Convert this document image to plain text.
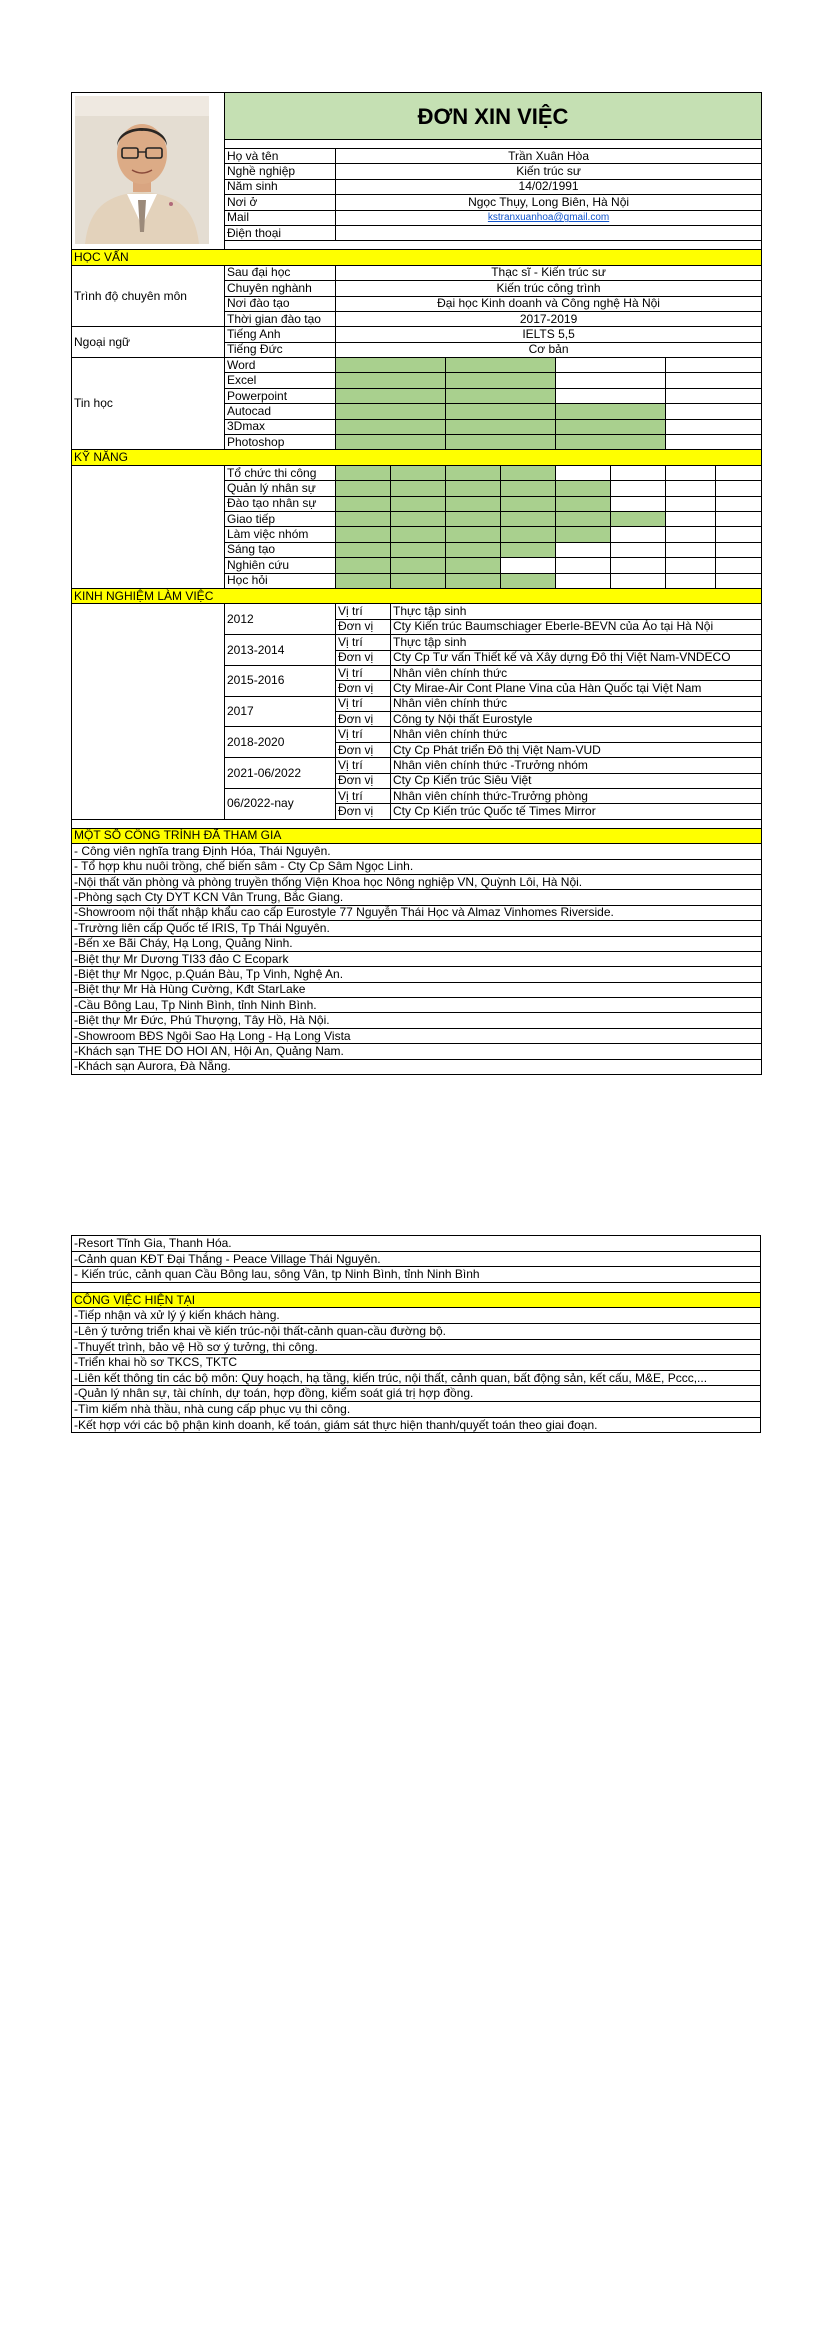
	ĐƠN XIN VIỆC								

	Họ và tên	Trần Xuân Hòa							
	Nghề nghiệp	Kiến trúc sư							
	Năm sinh	14/02/1991							
	Nơi ở	Ngọc Thụy, Long Biên, Hà Nội							
	Mail	kstranxuanhoa@gmail.com							
	Điện thoại								

HỌC VẤN									
Trình độ chuyên môn	Sau đại học	Thạc sĩ - Kiến trúc sư							
	Chuyên nghành	Kiến trúc công trình							
	Nơi đào tạo	Đại học Kinh doanh và Công nghệ Hà Nội							
	Thời gian đào tạo	2017-2019							
Ngoại ngữ	Tiếng Anh	IELTS 5,5							
	Tiếng Đức	Cơ bản							
Tin học	Word								
	Excel								
	Powerpoint								
	Autocad								
	3Dmax								
	Photoshop								
KỸ NĂNG									
	Tổ chức thi công								
	Quản lý nhân sự								
	Đào tạo nhân sự								
	Giao tiếp								
	Làm việc nhóm								
	Sáng tạo								
	Nghiên cứu								
	Học hỏi								
KINH NGHIỆM LÀM VIỆC									
	2012	Vị trí	Thực tập sinh						
		Đơn vị	Cty Kiến trúc Baumschiager Eberle-BEVN của Áo tại Hà Nội						
	2013-2014	Vị trí	Thực tập sinh						
		Đơn vị	Cty Cp Tư vấn Thiết kế và Xây dựng Đô thị Việt Nam-VNDECO						
	2015-2016	Vị trí	Nhân viên chính thức						
		Đơn vị	Cty Mirae-Air Cont Plane Vina của Hàn Quốc tại Việt Nam						
	2017	Vị trí	Nhân viên chính thức						
		Đơn vị	Công ty Nội thất Eurostyle						
	2018-2020	Vị trí	Nhân viên chính thức						
		Đơn vị	Cty Cp Phát triển Đô thị Việt Nam-VUD						
	2021-06/2022	Vị trí	Nhân viên chính thức -Trưởng nhóm						
		Đơn vị	Cty Cp Kiến trúc Siêu Việt						
	06/2022-nay	Vị trí	Nhân viên chính thức-Trưởng phòng						
		Đơn vị	Cty Cp Kiến trúc Quốc tế Times Mirror						

MỘT SỐ CÔNG TRÌNH ĐÃ THAM GIA									
- Công viên nghĩa trang Định Hóa, Thái Nguyên.									
- Tổ hợp khu nuôi trồng, chế biến sâm - Cty Cp Sâm Ngọc Linh.									
-Nội thất văn phòng và phòng truyền thống Viện Khoa học Nông nghiệp VN, Quỳnh Lôi, Hà Nội.									
-Phòng sạch Cty DYT KCN Vân Trung, Bắc Giang.									
-Showroom nội thất nhập khẩu cao cấp Eurostyle 77 Nguyễn Thái Học và Almaz Vinhomes Riverside.									
-Trường liên cấp Quốc tế IRIS, Tp Thái Nguyên.									
-Bến xe Bãi Cháy, Hạ Long, Quảng Ninh.									
-Biệt thự Mr Dương TI33 đảo C Ecopark									
-Biệt thự Mr Ngọc, p.Quán Bàu, Tp Vinh, Nghệ An.									
-Biệt thự Mr Hà Hùng Cường, Kđt StarLake									
-Cầu Bông Lau, Tp Ninh Bình, tỉnh Ninh Bình.									
-Biệt thự Mr Đức, Phú Thượng, Tây Hồ, Hà Nội.									
-Showroom BĐS Ngôi Sao Hạ Long - Hạ Long Vista									
-Khách sạn THE DO HOI AN, Hội An, Quảng Nam.									
-Khách sạn Aurora, Đà Nẵng.									
-Resort Tĩnh Gia, Thanh Hóa.
-Cảnh quan KĐT Đại Thắng - Peace Village Thái Nguyên.
- Kiến trúc, cảnh quan Cầu Bông lau, sông Vân, tp Ninh Bình, tỉnh Ninh Bình
CÔNG VIỆC HIỆN TẠI
-Tiếp nhận và xử lý ý kiến khách hàng.
-Lên ý tưởng triển khai về kiến trúc-nội thất-cảnh quan-cầu đường bộ.
-Thuyết trình, bảo vệ Hồ sơ ý tưởng, thi công.
-Triển khai hồ sơ TKCS, TKTC
-Liên kết thông tin các bộ môn: Quy hoạch, hạ tầng, kiến trúc, nội thất, cảnh quan, bất động sản, kết cấu, M&E, Pccc,...
-Quản lý nhân sự, tài chính, dự toán, hợp đồng, kiểm soát giá trị hợp đồng.
-Tìm kiếm nhà thầu, nhà cung cấp phục vụ thi công.
-Kết hợp với các bộ phận kinh doanh, kế toán, giám sát thực hiện thanh/quyết toán theo giai đoạn.
